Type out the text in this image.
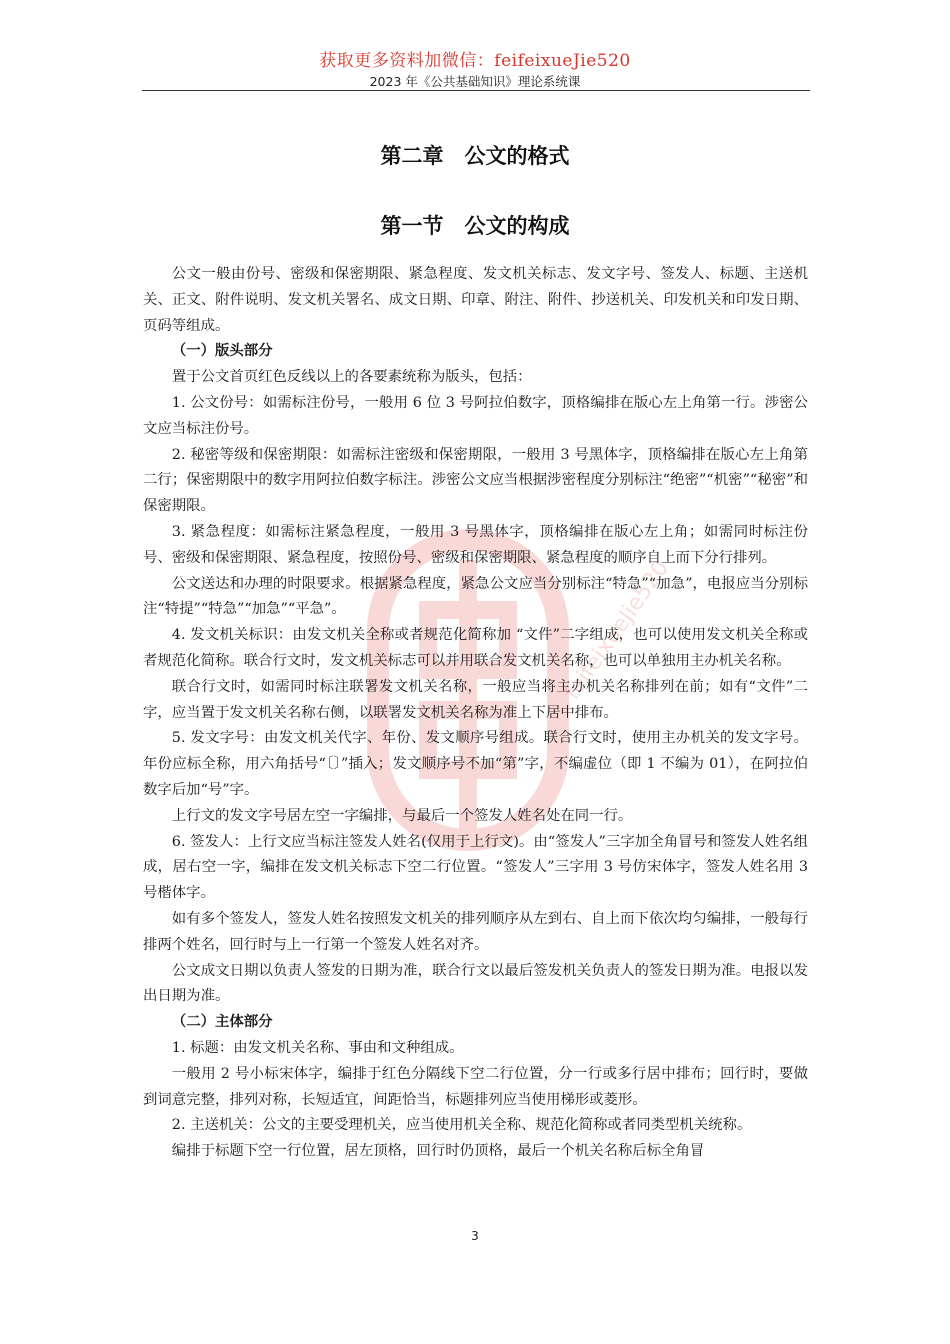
获取更多资料加微信：feifeixueJie520
2023 年《公共基础知识》理论系统课
feifeixueJie520
第二章　公文的格式
第一节　公文的构成

公文一般由份号、密级和保密期限、紧急程度、发文机关标志、发文字号、签发人、标题、主送机关、正文、附件说明、发文机关署名、成文日期、印章、附注、附件、抄送机关、印发机关和印发日期、页码等组成。

（一）版头部分

置于公文首页红色反线以上的各要素统称为版头，包括：

1. 公文份号：如需标注份号，一般用 6 位 3 号阿拉伯数字，顶格编排在版心左上角第一行。涉密公文应当标注份号。

2. 秘密等级和保密期限：如需标注密级和保密期限，一般用 3 号黑体字，顶格编排在版心左上角第二行；保密期限中的数字用阿拉伯数字标注。涉密公文应当根据涉密程度分别标注“绝密”“机密”“秘密”和保密期限。

3. 紧急程度：如需标注紧急程度，一般用 3 号黑体字，顶格编排在版心左上角；如需同时标注份号、密级和保密期限、紧急程度，按照份号、密级和保密期限、紧急程度的顺序自上而下分行排列。

公文送达和办理的时限要求。根据紧急程度，紧急公文应当分别标注“特急”“加急”，电报应当分别标注“特提”“特急”“加急”“平急”。

4. 发文机关标识：由发文机关全称或者规范化简称加 “文件”二字组成，也可以使用发文机关全称或者规范化简称。联合行文时，发文机关标志可以并用联合发文机关名称，也可以单独用主办机关名称。

联合行文时，如需同时标注联署发文机关名称，一般应当将主办机关名称排列在前；如有“文件”二字，应当置于发文机关名称右侧，以联署发文机关名称为准上下居中排布。

5. 发文字号：由发文机关代字、年份、发文顺序号组成。联合行文时，使用主办机关的发文字号。年份应标全称，用六角括号“〔〕”插入；发文顺序号不加“第”字，不编虚位（即 1 不编为 01），在阿拉伯数字后加“号”字。

上行文的发文字号居左空一字编排，与最后一个签发人姓名处在同一行。

6. 签发人：上行文应当标注签发人姓名(仅用于上行文)。由“签发人”三字加全角冒号和签发人姓名组成，居右空一字，编排在发文机关标志下空二行位置。“签发人”三字用 3 号仿宋体字，签发人姓名用 3 号楷体字。

如有多个签发人，签发人姓名按照发文机关的排列顺序从左到右、自上而下依次均匀编排，一般每行排两个姓名，回行时与上一行第一个签发人姓名对齐。

公文成文日期以负责人签发的日期为准，联合行文以最后签发机关负责人的签发日期为准。电报以发出日期为准。

（二）主体部分

1. 标题：由发文机关名称、事由和文种组成。

一般用 2 号小标宋体字，编排于红色分隔线下空二行位置，分一行或多行居中排布；回行时，要做到词意完整，排列对称，长短适宜，间距恰当，标题排列应当使用梯形或菱形。

2. 主送机关：公文的主要受理机关，应当使用机关全称、规范化简称或者同类型机关统称。

编排于标题下空一行位置，居左顶格，回行时仍顶格，最后一个机关名称后标全角冒

3
